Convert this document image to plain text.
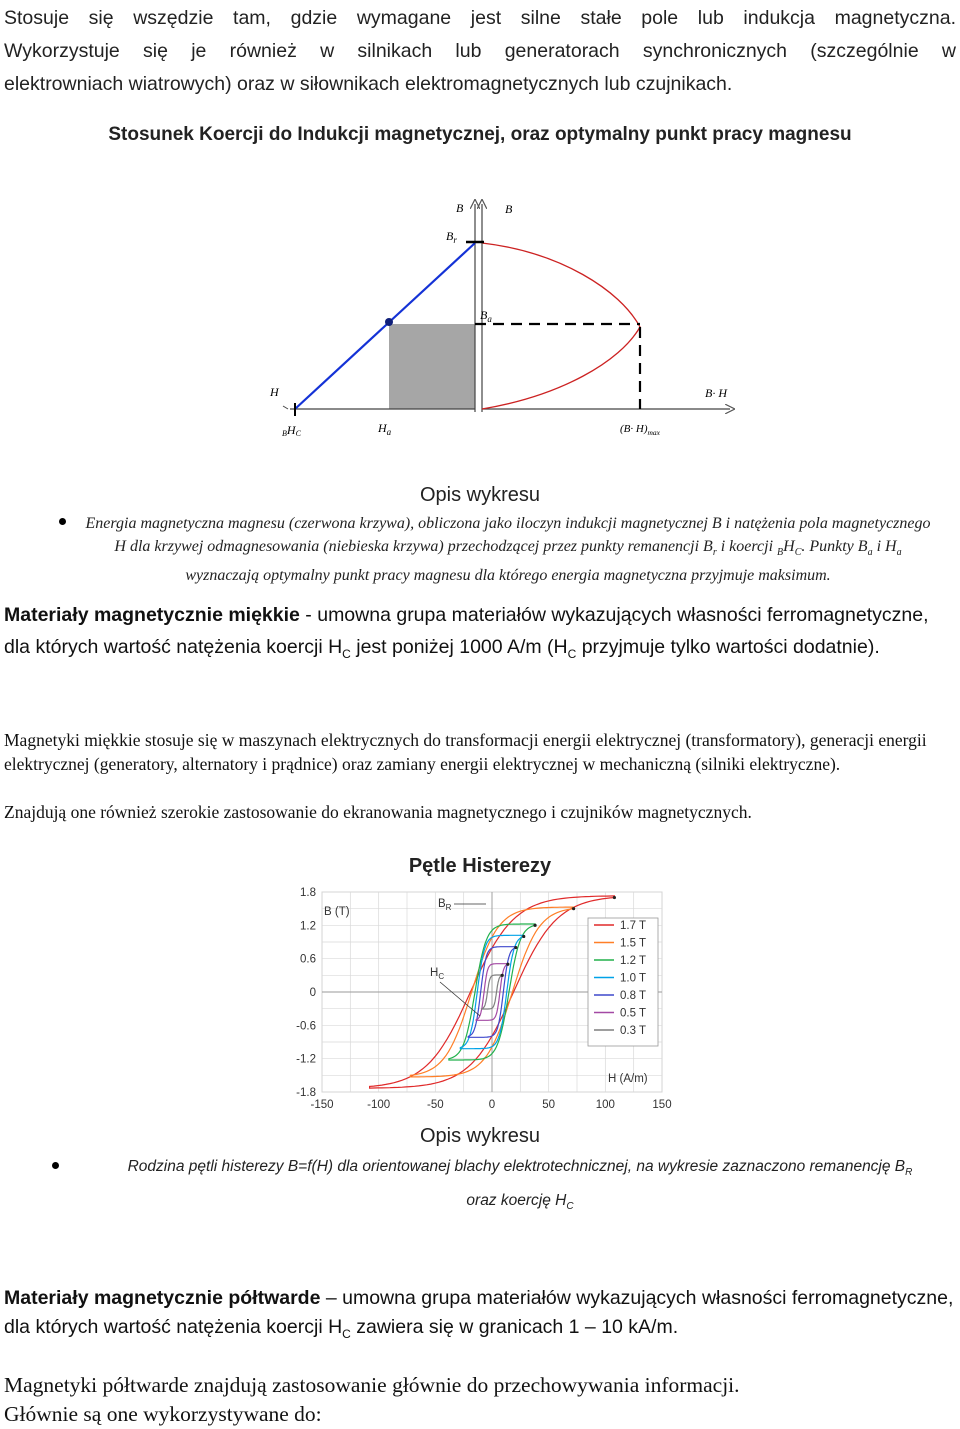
Stosuje się wszędzie tam, gdzie wymagane jest silne stałe pole lub indukcja magnetyczna.
Wykorzystuje się je również w silnikach lub generatorach synchronicznych (szczególnie w
elektrowniach wiatrowych) oraz w siłownikach elektromagnetycznych lub czujnikach.
Stosunek Koercji do Indukcji magnetycznej, oraz optymalny punkt pracy magnesu
B	B
$B_r$
$B_a$
H	B· H
BHC	$H_a$	$(B\cdot H)_{max}$
Opis wykresu
Energia magnetyczna magnesu (czerwona krzywa), obliczona jako iloczyn indukcji magnetycznej B i natężenia pola magnetycznego H dla krzywej odmagnesowania (niebieska krzywa) przechodzącej przez punkty remanencji $B_r$ i koercji $_BH_C$. Punkty $B_a$ i $H_a$ wyznaczają optymalny punkt pracy magnesu dla którego energia magnetyczna przyjmuje maksimum.
Materiały magnetycznie miękkie - umowna grupa materiałów wykazujących własności ferromagnetyczne, dla których wartość natężenia koercji $H_C$ jest poniżej 1000 A/m ($H_C$ przyjmuje tylko wartości dodatnie).
Magnetyki miękkie stosuje się w maszynach elektrycznych do transformacji energii elektrycznej (transformatory), generacji energii elektrycznej (generatory, alternatory i prądnice) oraz zamiany energii elektrycznej w mechaniczną (silniki elektryczne).
Znajdują one również szerokie zastosowanie do ekranowania magnetycznego i czujników magnetycznych.
Pętle Histerezy
-150	-100	-50	0	50	100	150
1.8
1.2
0.6
0
-0.6
-1.2
-1.8
B (T)
H (A/m)
$B_R$
$H_C$
1.7 T
1.5 T
1.2 T
1.0 T
0.8 T
0.5 T
0.3 T
Opis wykresu
Rodzina pętli histerezy B=f(H) dla orientowanej blachy elektrotechnicznej, na wykresie zaznaczono remanencję $B_R$
oraz koercję $H_C$
Materiały magnetycznie półtwarde – umowna grupa materiałów wykazujących własności ferromagnetyczne, dla których wartość natężenia koercji $H_C$ zawiera się w granicach 1 – 10 kA/m.
Magnetyki półtwarde znajdują zastosowanie głównie do przechowywania informacji.
Głównie są one wykorzystywane do:
